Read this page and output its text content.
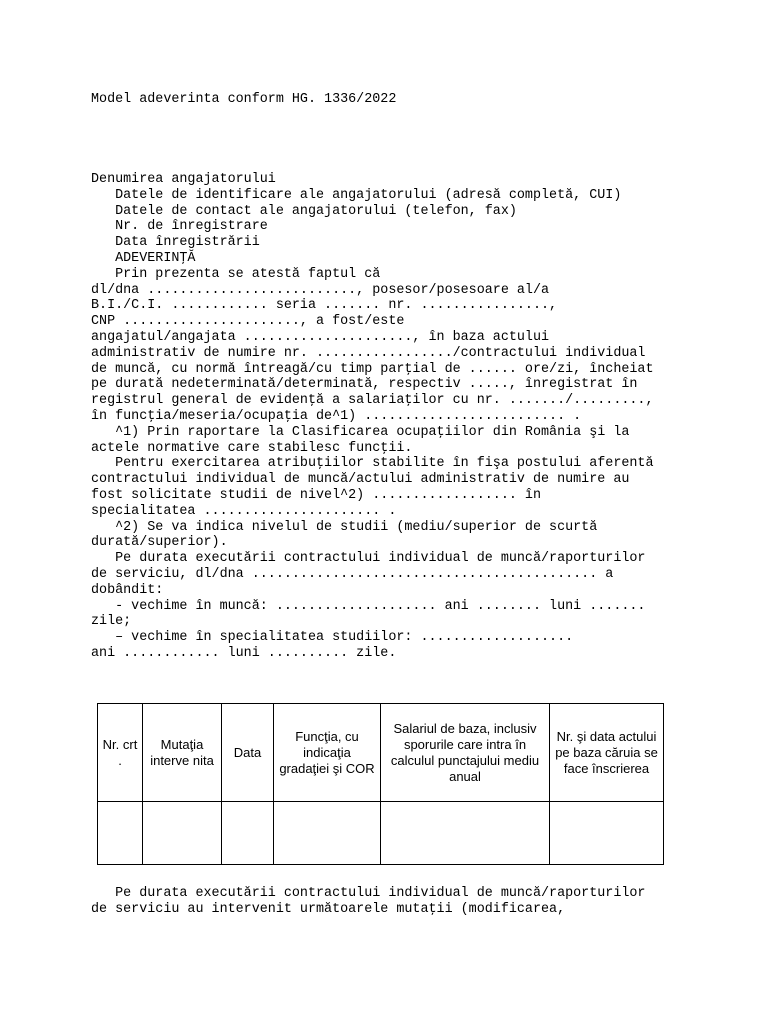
Model adeverinta conform HG. 1336/2022
Denumirea angajatorului
Datele de identificare ale angajatorului (adresă completă, CUI)
Datele de contact ale angajatorului (telefon, fax)
Nr. de înregistrare
Data înregistrării
ADEVERINŢĂ
Prin prezenta se atestă faptul că
dl/dna .........................., posesor/posesoare al/a
B.I./C.I. ............ seria ....... nr. ................,
CNP ......................, a fost/este
angajatul/angajata ....................., în baza actului
administrativ de numire nr. ................./contractului individual
de muncă, cu normă întreagă/cu timp parţial de ...... ore/zi, încheiat
pe durată nedeterminată/determinată, respectiv ....., înregistrat în
registrul general de evidenţă a salariaţilor cu nr. ......./.........,
în funcţia/meseria/ocupaţia de^1) ......................... .
^1) Prin raportare la Clasificarea ocupaţiilor din România şi la
actele normative care stabilesc funcţii.
Pentru exercitarea atribuţiilor stabilite în fişa postului aferentă
contractului individual de muncă/actului administrativ de numire au
fost solicitate studii de nivel^2) .................. în
specialitatea ...................... .
^2) Se va indica nivelul de studii (mediu/superior de scurtă
durată/superior).
Pe durata executării contractului individual de muncă/raporturilor
de serviciu, dl/dna ........................................... a
dobândit:
- vechime în muncă: .................... ani ........ luni .......
zile;
– vechime în specialitatea studiilor: ...................
ani ............ luni .......... zile.
Nr. crt .	Mutaţia interve nita	Data	Funcţia, cu indicaţia gradaţiei şi COR	Salariul de baza, inclusiv sporurile care intra în calculul punctajului mediu anual	Nr. şi data actului pe baza căruia se face înscrierea

Pe durata executării contractului individual de muncă/raporturilor
de serviciu au intervenit următoarele mutaţii (modificarea,
